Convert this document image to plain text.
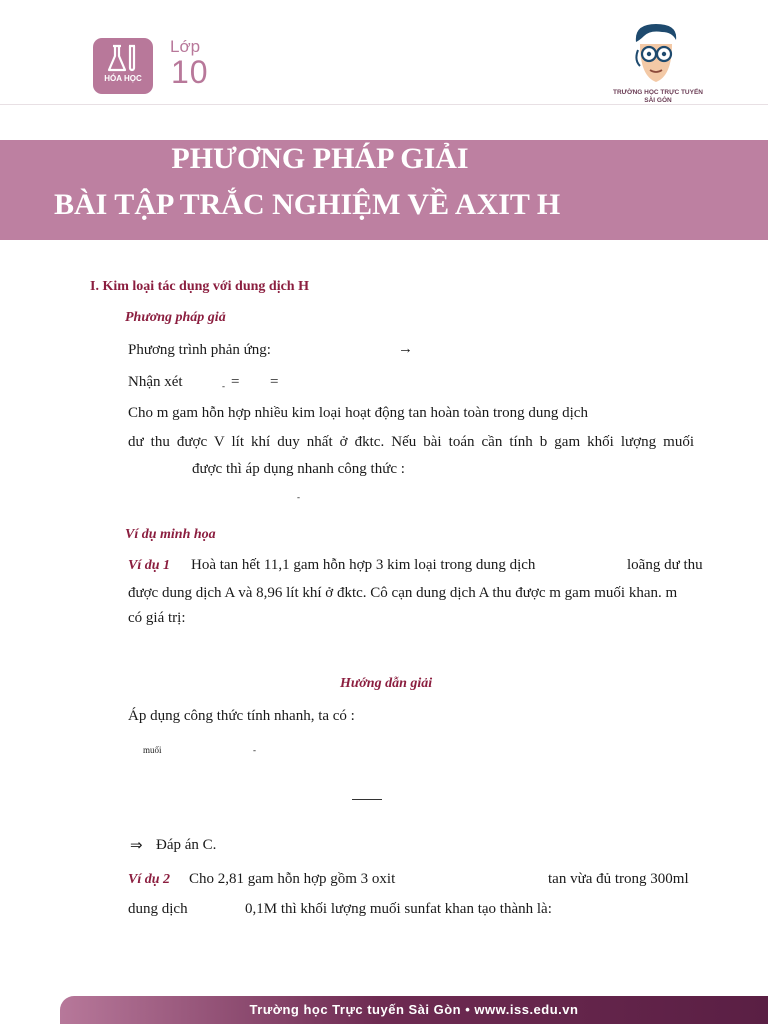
HÓA HỌC
Lớp
10
TRƯỜNG HỌC TRỰC TUYẾN
SÀI GÒN
PHƯƠNG PHÁP GIẢI
BÀI TẬP TRẮC NGHIỆM VỀ AXIT H
I. Kim loại tác dụng với dung dịch H
Phương pháp giả
Phương trình phản ứng:	→
Nhận xét	- = =
Cho m gam hỗn hợp nhiều kim loại hoạt động tan hoàn toàn trong dung dịch
dư thu được V lít khí duy nhất ở đktc. Nếu bài toán cần tính b gam khối lượng muối
được thì áp dụng nhanh công thức :
-
Ví dụ minh họa
Ví dụ 1 Hoà tan hết 11,1 gam hỗn hợp 3 kim loại trong dung dịch	loãng dư thu
được dung dịch A và 8,96 lít khí ở đktc. Cô cạn dung dịch A thu được m gam muối khan. m
có giá trị:
Hướng dẫn giải
Áp dụng công thức tính nhanh, ta có :
muối	-
⇒ Đáp án C.
Ví dụ 2 Cho 2,81 gam hỗn hợp gồm 3 oxit	tan vừa đủ trong 300ml
dung dịch	0,1M thì khối lượng muối sunfat khan tạo thành là:
Trường học Trực tuyến Sài Gòn • www.iss.edu.vn
